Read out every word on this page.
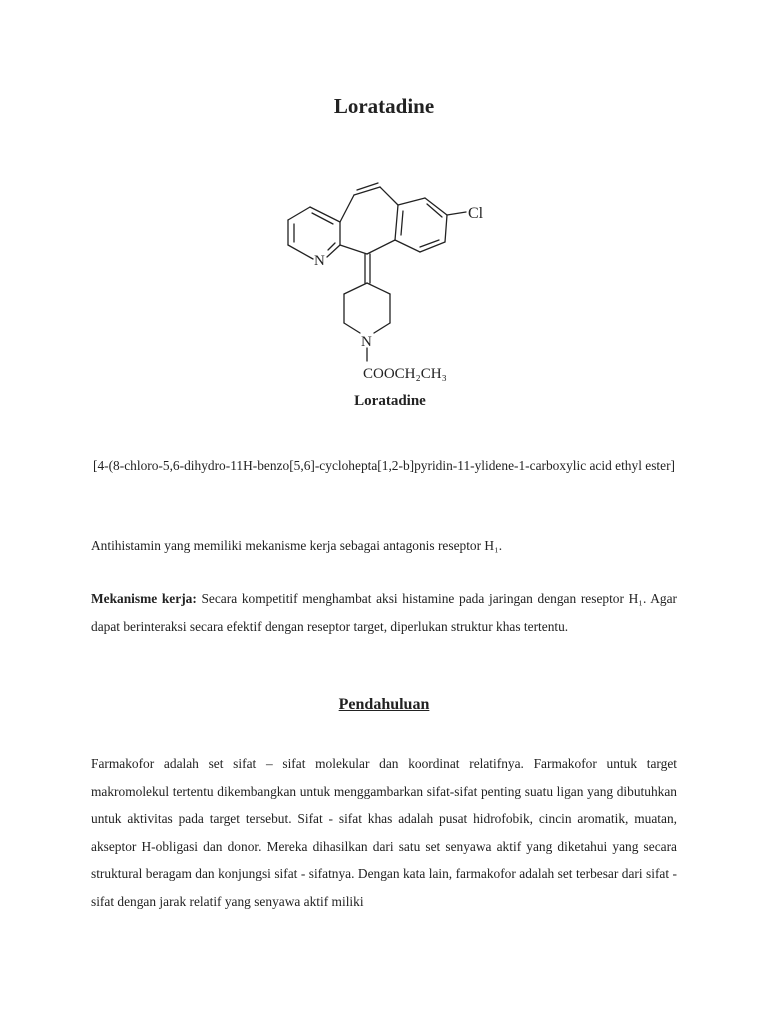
Loratadine
Cl
N
N
COOCH₂CH₃
Loratadine
[4-(8-chloro-5,6-dihydro-11H-benzo[5,6]-cyclohepta[1,2-b]pyridin-11-ylidene-1-carboxylic acid ethyl ester]
Antihistamin yang memiliki mekanisme kerja sebagai antagonis reseptor H₁.
Mekanisme kerja: Secara kompetitif menghambat aksi histamine pada jaringan dengan reseptor H₁. Agar dapat berinteraksi secara efektif dengan reseptor target, diperlukan struktur khas tertentu.
Pendahuluan
Farmakofor adalah set sifat – sifat molekular dan koordinat relatifnya. Farmakofor untuk target makromolekul tertentu dikembangkan untuk menggambarkan sifat-sifat penting suatu ligan yang dibutuhkan untuk aktivitas pada target tersebut. Sifat - sifat khas adalah pusat hidrofobik, cincin aromatik, muatan, akseptor H-obligasi dan donor. Mereka dihasilkan dari satu set senyawa aktif yang diketahui yang secara struktural beragam dan konjungsi sifat - sifatnya. Dengan kata lain, farmakofor adalah set terbesar dari sifat - sifat dengan jarak relatif yang senyawa aktif miliki
